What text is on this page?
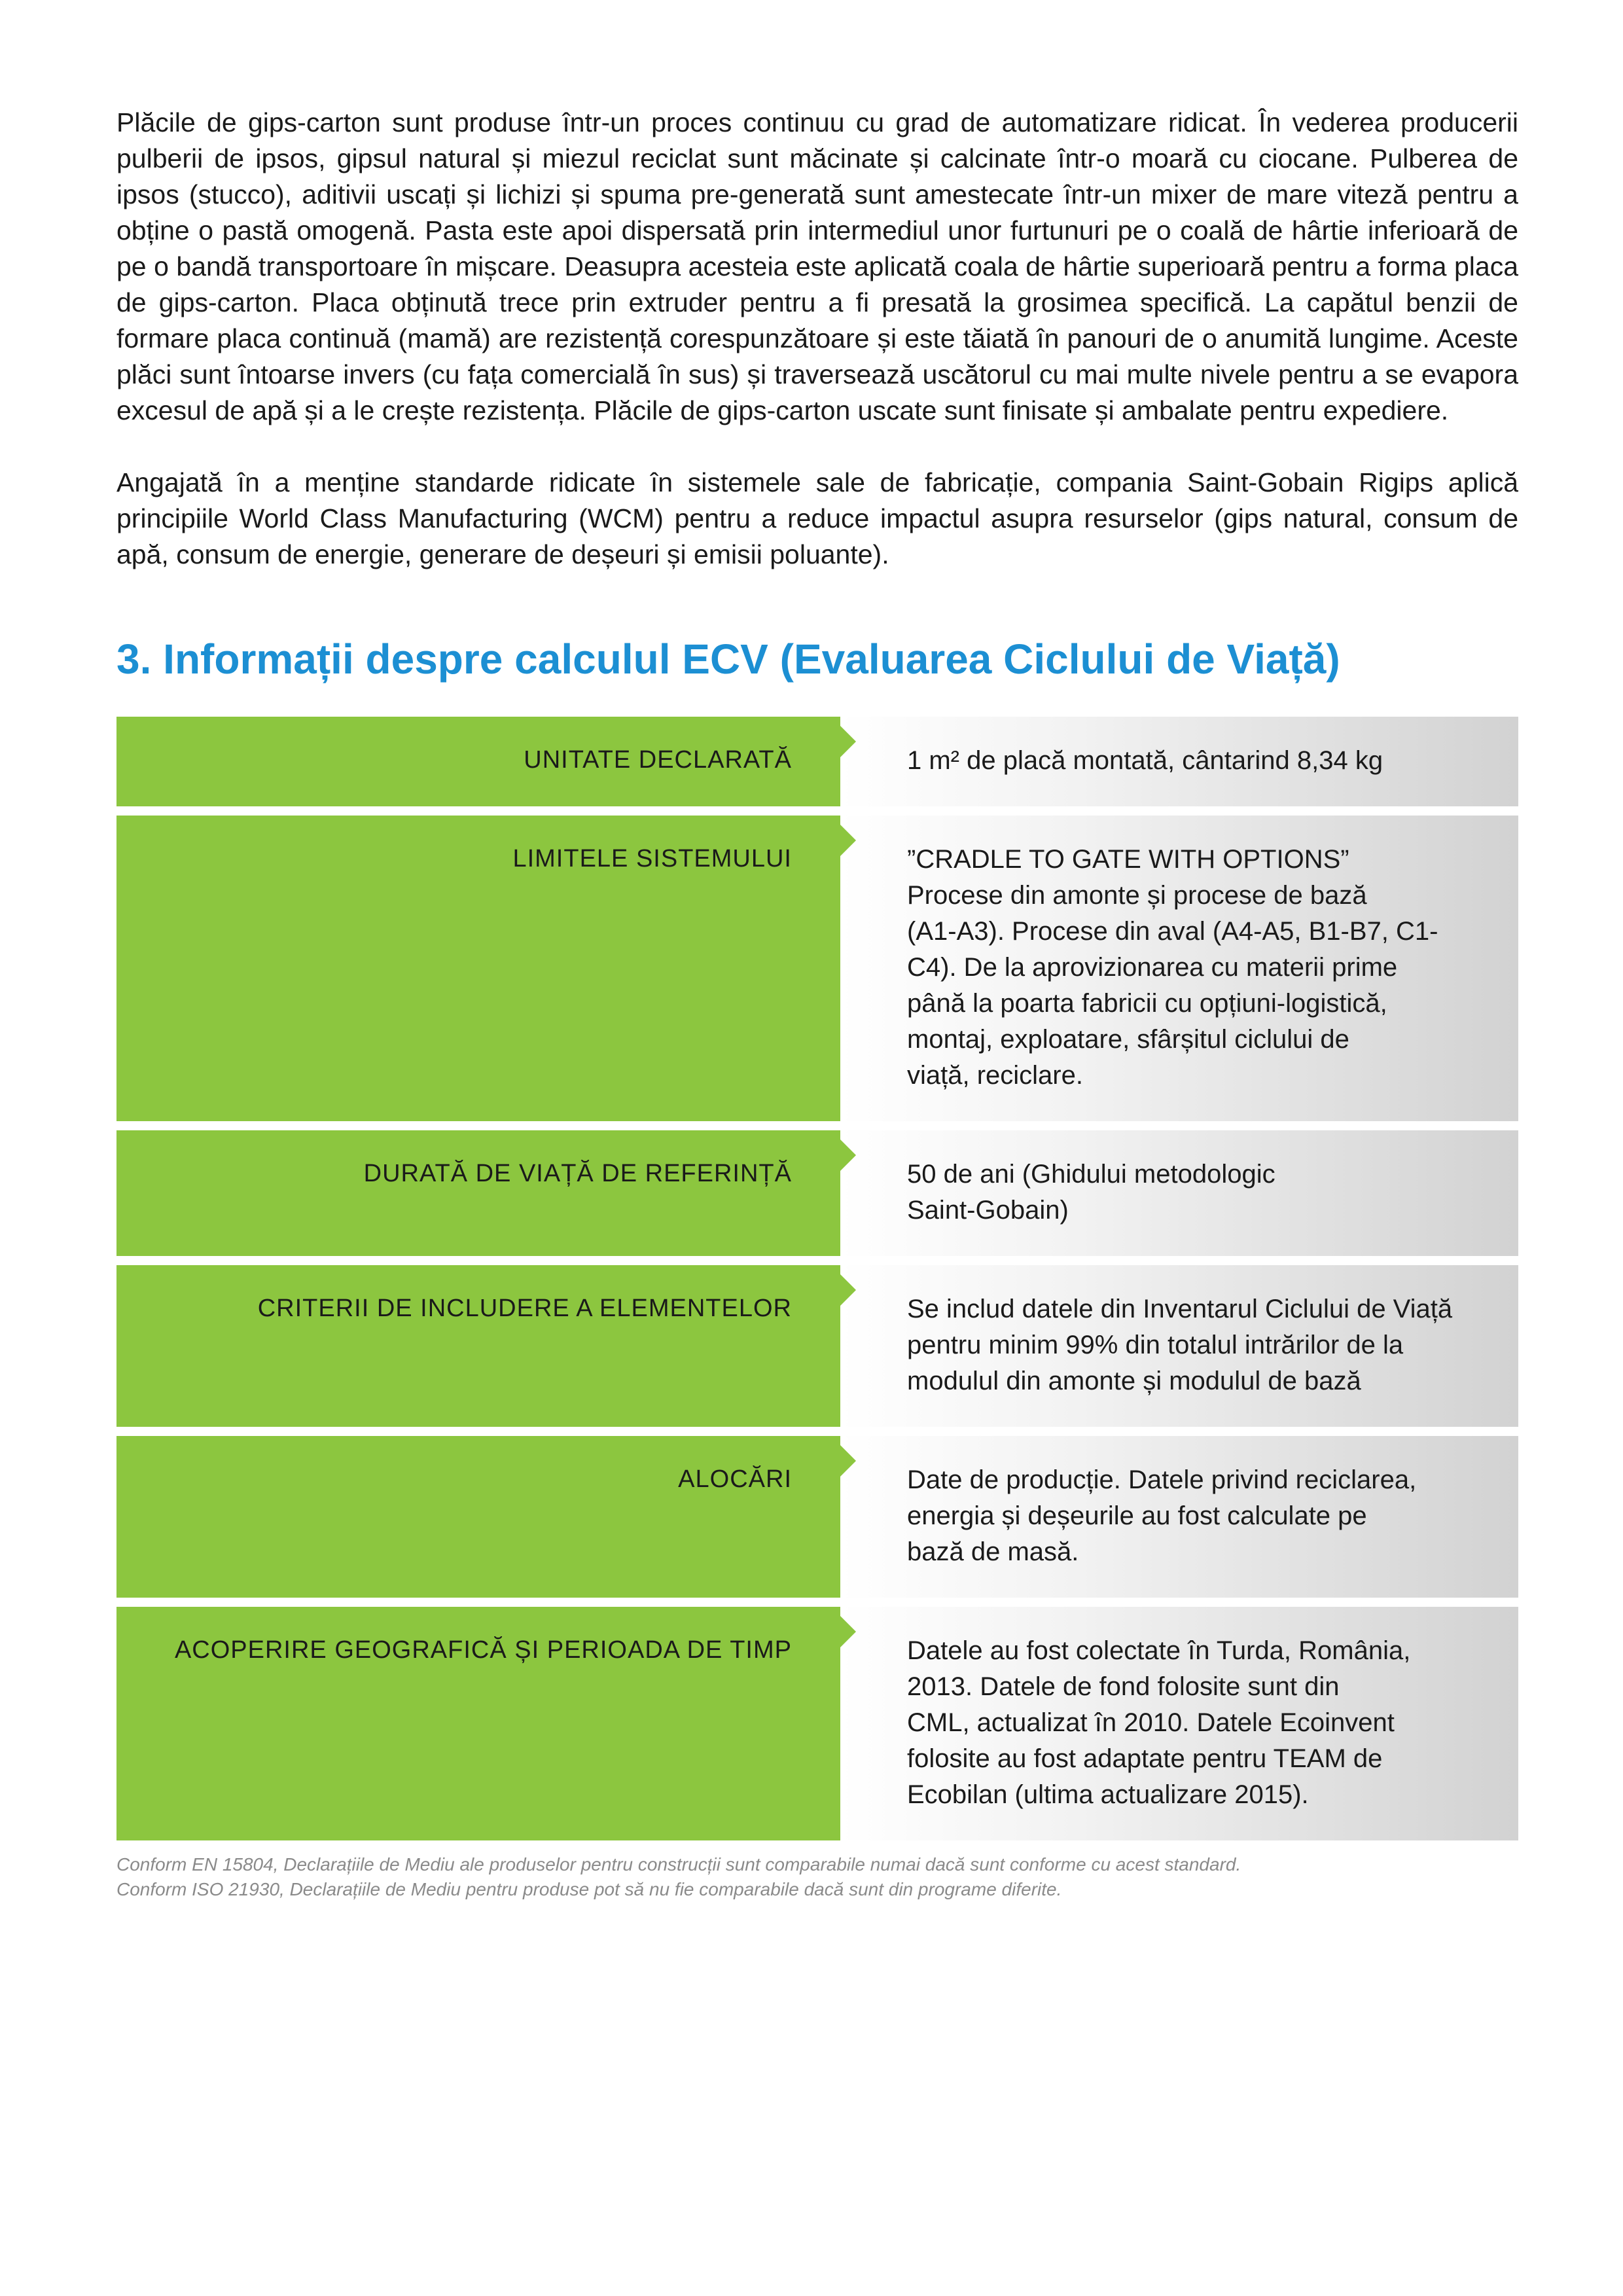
Plăcile de gips-carton sunt produse într-un proces continuu cu grad de automatizare ridicat. În vederea producerii pulberii de ipsos, gipsul natural și miezul reciclat sunt măcinate și calcinate într-o moară cu ciocane. Pulberea de ipsos (stucco), aditivii uscați și lichizi și spuma pre-generată sunt amestecate într-un mixer de mare viteză pentru a obține o pastă omogenă. Pasta este apoi dispersată prin intermediul unor furtunuri pe o coală de hârtie inferioară de pe o bandă transportoare în mișcare. Deasupra acesteia este aplicată coala de hârtie superioară pentru a forma placa de gips-carton. Placa obținută trece prin extruder pentru a fi presată la grosimea specifică. La capătul benzii de formare placa continuă (mamă) are rezistență corespunzătoare și este tăiată în panouri de o anumită lungime. Aceste plăci sunt întoarse invers (cu fața comercială în sus) și traversează uscătorul cu mai multe nivele pentru a se evapora excesul de apă și a le crește rezistența. Plăcile de gips-carton uscate sunt finisate și ambalate pentru expediere.

Angajată în a menține standarde ridicate în sistemele sale de fabricație, compania Saint-Gobain Rigips aplică principiile World Class Manufacturing (WCM) pentru a reduce impactul asupra resurselor (gips natural, consum de apă, consum de energie, generare de deșeuri și emisii poluante).

3. Informații despre calculul ECV (Evaluarea Ciclului de Viață)
UNITATE DECLARATĂ	1 m² de placă montată, cântarind 8,34 kg
LIMITELE SISTEMULUI	”CRADLE TO GATE WITH OPTIONS”
Procese din amonte și procese de bază
(A1-A3). Procese din aval (A4-A5, B1-B7, C1-
C4). De la aprovizionarea cu materii prime
până la poarta fabricii cu opțiuni-logistică,
montaj, exploatare, sfârșitul ciclului de
viață, reciclare.
DURATĂ DE VIAȚĂ DE REFERINȚĂ	50 de ani (Ghidului metodologic
Saint-Gobain)
CRITERII DE INCLUDERE A ELEMENTELOR	Se includ datele din Inventarul Ciclului de Viață
pentru minim 99% din totalul intrărilor de la
modulul din amonte și modulul de bază
ALOCĂRI	Date de producție. Datele privind reciclarea,
energia și deșeurile au fost calculate pe
bază de masă.
ACOPERIRE GEOGRAFICĂ ȘI PERIOADA DE TIMP	Datele au fost colectate în Turda, România,
2013. Datele de fond folosite sunt din
CML, actualizat în 2010. Datele Ecoinvent
folosite au fost adaptate pentru TEAM de
Ecobilan (ultima actualizare 2015).
Conform EN 15804, Declarațiile de Mediu ale produselor pentru construcții sunt comparabile numai dacă sunt conforme cu acest standard.
Conform ISO 21930, Declarațiile de Mediu pentru produse pot să nu fie comparabile dacă sunt din programe diferite.
